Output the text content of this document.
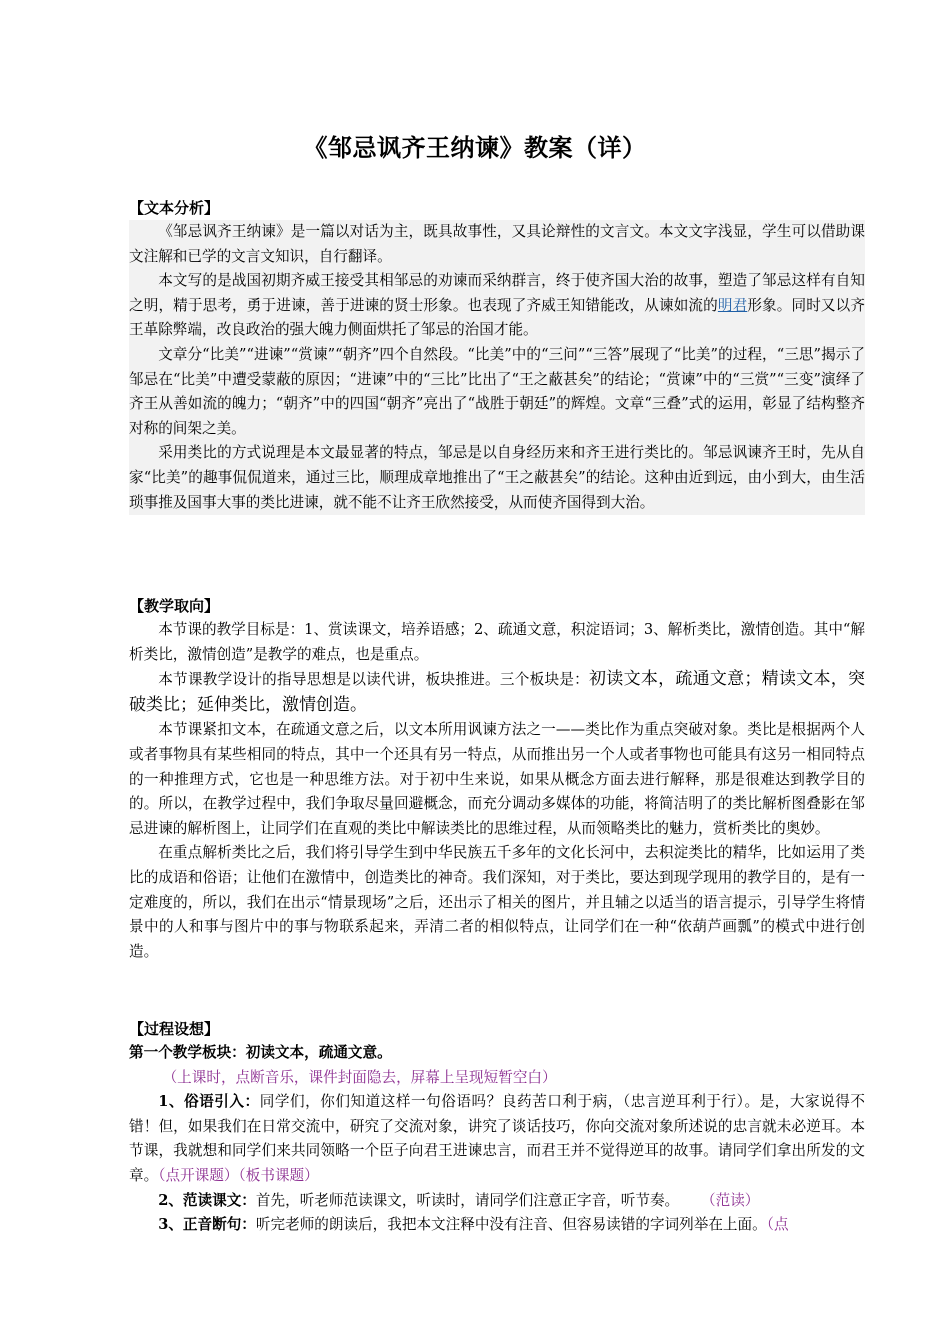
《邹忌讽齐王纳谏》教案（详）
【文本分析】

《邹忌讽齐王纳谏》是一篇以对话为主，既具故事性，又具论辩性的文言文。本文文字浅显，学生可以借助课文注解和已学的文言文知识，自行翻译。

本文写的是战国初期齐威王接受其相邹忌的劝谏而采纳群言，终于使齐国大治的故事，塑造了邹忌这样有自知之明，精于思考，勇于进谏，善于进谏的贤士形象。也表现了齐威王知错能改，从谏如流的明君形象。同时又以齐王革除弊端，改良政治的强大魄力侧面烘托了邹忌的治国才能。

文章分“比美”“进谏”“赏谏”“朝齐”四个自然段。“比美”中的“三问”“三答”展现了“比美”的过程，“三思”揭示了邹忌在“比美”中遭受蒙蔽的原因；“进谏”中的“三比”比出了“王之蔽甚矣”的结论；“赏谏”中的“三赏”“三变”演绎了齐王从善如流的魄力；“朝齐”中的四国“朝齐”亮出了“战胜于朝廷”的辉煌。文章“三叠”式的运用，彰显了结构整齐对称的间架之美。

采用类比的方式说理是本文最显著的特点，邹忌是以自身经历来和齐王进行类比的。邹忌讽谏齐王时，先从自家“比美”的趣事侃侃道来，通过三比，顺理成章地推出了“王之蔽甚矣”的结论。这种由近到远，由小到大，由生活琐事推及国事大事的类比进谏，就不能不让齐王欣然接受，从而使齐国得到大治。

【教学取向】

本节课的教学目标是：1、赏读课文，培养语感；2、疏通文意，积淀语词；3、解析类比，激情创造。其中“解析类比，激情创造”是教学的难点，也是重点。

本节课教学设计的指导思想是以读代讲，板块推进。三个板块是：初读文本，疏通文意；精读文本，突破类比；延伸类比，激情创造。

本节课紧扣文本，在疏通文意之后，以文本所用讽谏方法之一——类比作为重点突破对象。类比是根据两个人或者事物具有某些相同的特点，其中一个还具有另一特点，从而推出另一个人或者事物也可能具有这另一相同特点的一种推理方式，它也是一种思维方法。对于初中生来说，如果从概念方面去进行解释，那是很难达到教学目的的。所以，在教学过程中，我们争取尽量回避概念，而充分调动多媒体的功能，将简洁明了的类比解析图叠影在邹忌进谏的解析图上，让同学们在直观的类比中解读类比的思维过程，从而领略类比的魅力，赏析类比的奥妙。

在重点解析类比之后，我们将引导学生到中华民族五千多年的文化长河中，去积淀类比的精华，比如运用了类比的成语和俗语；让他们在激情中，创造类比的神奇。我们深知，对于类比，要达到现学现用的教学目的，是有一定难度的，所以，我们在出示“情景现场”之后，还出示了相关的图片，并且辅之以适当的语言提示，引导学生将情景中的人和事与图片中的事与物联系起来，弄清二者的相似特点，让同学们在一种“依葫芦画瓢”的模式中进行创造。

【过程设想】

第一个教学板块：初读文本，疏通文意。

（上课时，点断音乐，课件封面隐去，屏幕上呈现短暂空白）

1、俗语引入：同学们，你们知道这样一句俗语吗？良药苦口利于病，（忠言逆耳利于行）。是，大家说得不错！但，如果我们在日常交流中，研究了交流对象，讲究了谈话技巧，你向交流对象所述说的忠言就未必逆耳。本节课，我就想和同学们来共同领略一个臣子向君王进谏忠言，而君王并不觉得逆耳的故事。请同学们拿出所发的文章。（点开课题）（板书课题）

2、范读课文：首先，听老师范读课文，听读时，请同学们注意正字音，听节奏。 （范读）

3、正音断句：听完老师的朗读后，我把本文注释中没有注音、但容易读错的字词列举在上面。（点
